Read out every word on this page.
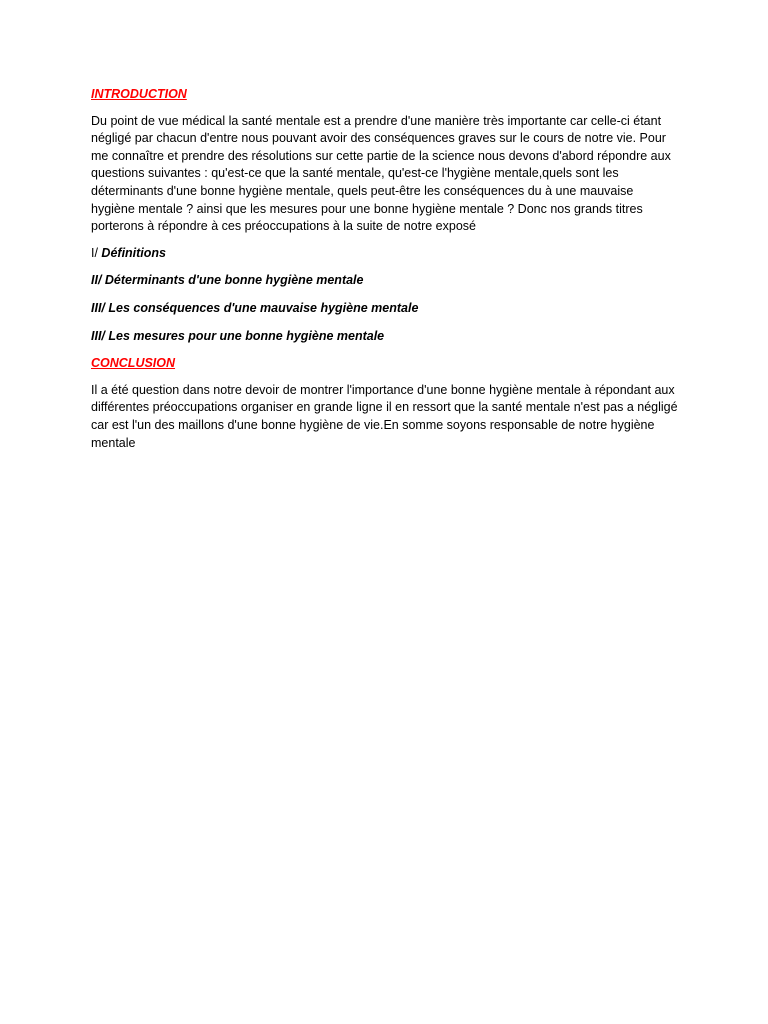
INTRODUCTION

Du point de vue médical la santé mentale est a prendre d'une manière très importante car celle-ci étant négligé par chacun d'entre nous pouvant avoir des conséquences graves sur le cours de notre vie. Pour me connaître et prendre des résolutions sur cette partie de la science nous devons d'abord répondre aux questions suivantes : qu'est-ce que la santé mentale, qu'est-ce l'hygiène mentale,quels sont les déterminants d'une bonne hygiène mentale, quels peut-être les conséquences du à une mauvaise hygiène mentale ? ainsi que les mesures pour une bonne hygiène mentale ? Donc nos grands titres porterons à répondre à ces préoccupations à la suite de notre exposé

I/ Définitions

II/ Déterminants d'une bonne hygiène mentale

III/ Les conséquences d'une mauvaise hygiène mentale

III/ Les mesures pour une bonne hygiène mentale

CONCLUSION

Il a été question dans notre devoir de montrer l'importance d'une bonne hygiène mentale à répondant aux différentes préoccupations organiser en grande ligne il en ressort que la santé mentale n'est pas a négligé car est l'un des maillons d'une bonne hygiène de vie.En somme soyons responsable de notre hygiène mentale
